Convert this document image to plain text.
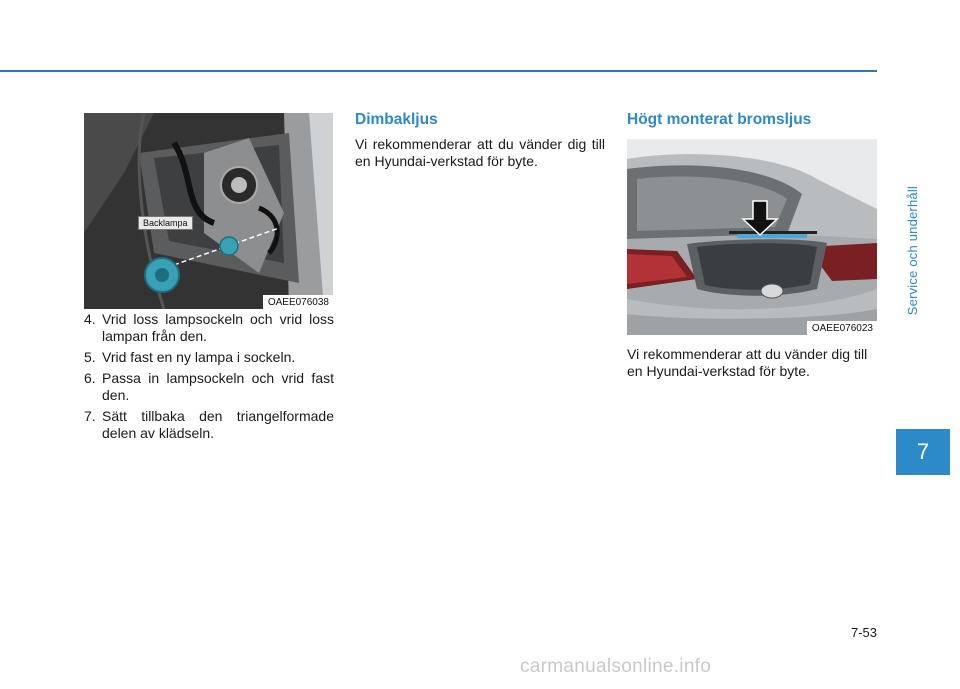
Backlampa
OAEE076038
4. Vrid loss lampsockeln och vrid loss lampan från den.
5. Vrid fast en ny lampa i sockeln.
6. Passa in lampsockeln och vrid fast den.
7. Sätt tillbaka den triangelformade delen av klädseln.
Dimbakljus

Vi rekommenderar att du vänder dig till en Hyundai-verkstad för byte.

Högt monterat bromsljus
OAEE076023

Vi rekommenderar att du vänder dig till en Hyundai-verkstad för byte.

Service och underhåll
7
7-53
carmanualsonline.info
